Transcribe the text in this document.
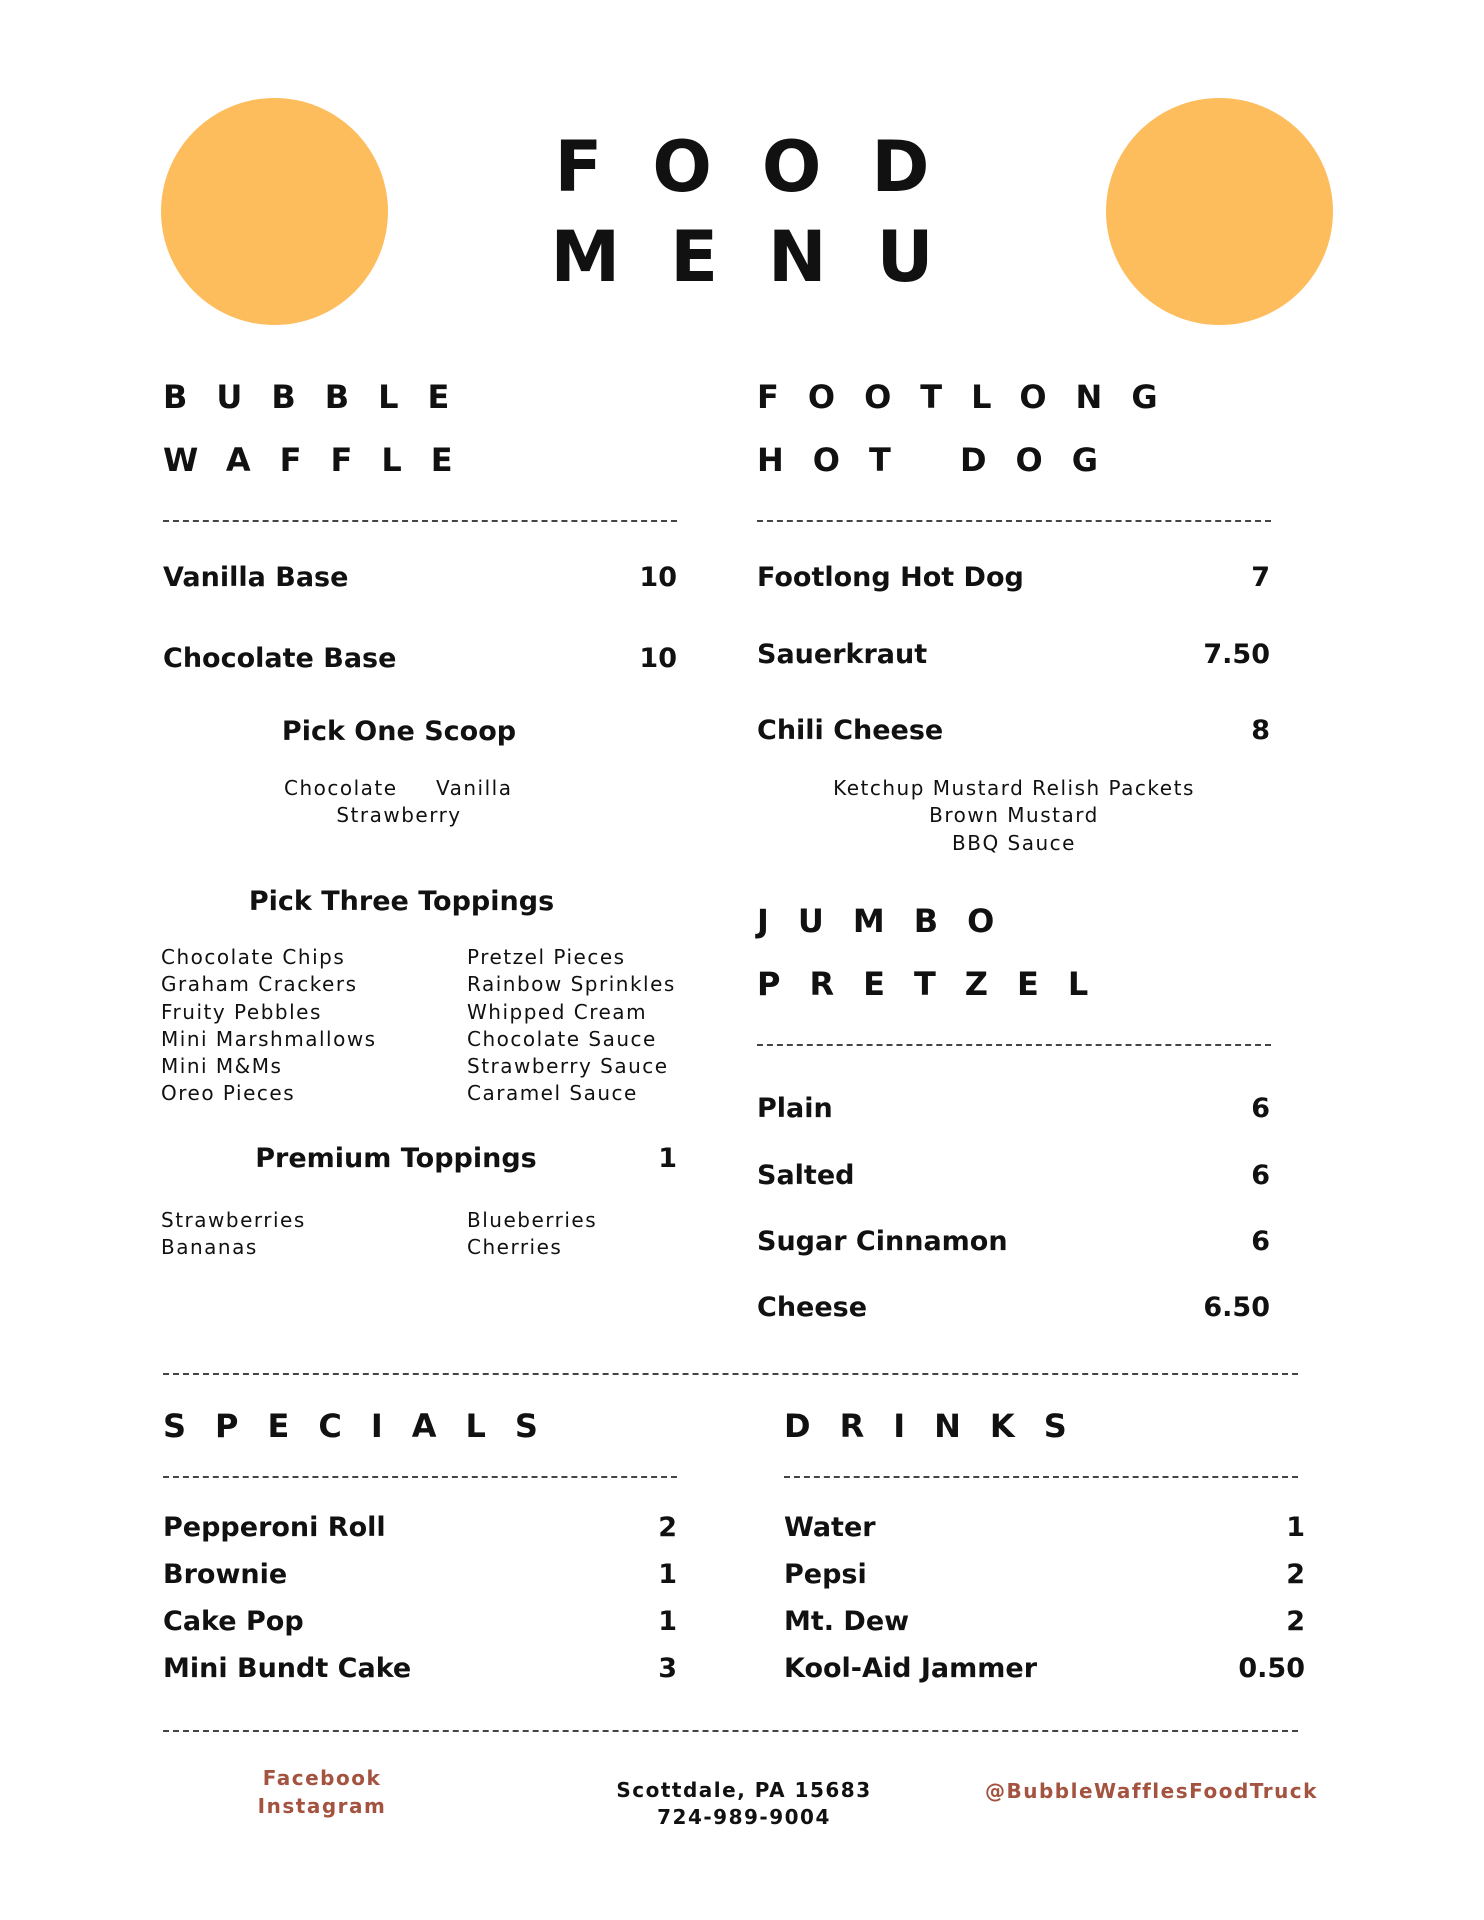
FOOD
MENU
BUBBLE
WAFFLE
Vanilla Base	10
Chocolate Base	10
Pick One Scoop
Chocolate Vanilla
Strawberry
Pick Three Toppings
Chocolate Chips
Graham Crackers
Fruity Pebbles
Mini Marshmallows
Mini M&Ms
Oreo Pieces
Pretzel Pieces
Rainbow Sprinkles
Whipped Cream
Chocolate Sauce
Strawberry Sauce
Caramel Sauce
Premium Toppings	1
Strawberries
Bananas
Blueberries
Cherries
FOOTLONG
HOT DOG
Footlong Hot Dog	7
Sauerkraut	7.50
Chili Cheese	8
Ketchup Mustard Relish Packets
Brown Mustard
BBQ Sauce
JUMBO
PRETZEL
Plain	6
Salted	6
Sugar Cinnamon	6
Cheese	6.50
SPECIALS
Pepperoni Roll	2
Brownie	1
Cake Pop	1
Mini Bundt Cake	3
DRINKS
Water	1
Pepsi	2
Mt. Dew	2
Kool-Aid Jammer	0.50
Facebook
Instagram
Scottdale, PA 15683
724-989-9004
@BubbleWafflesFoodTruck
